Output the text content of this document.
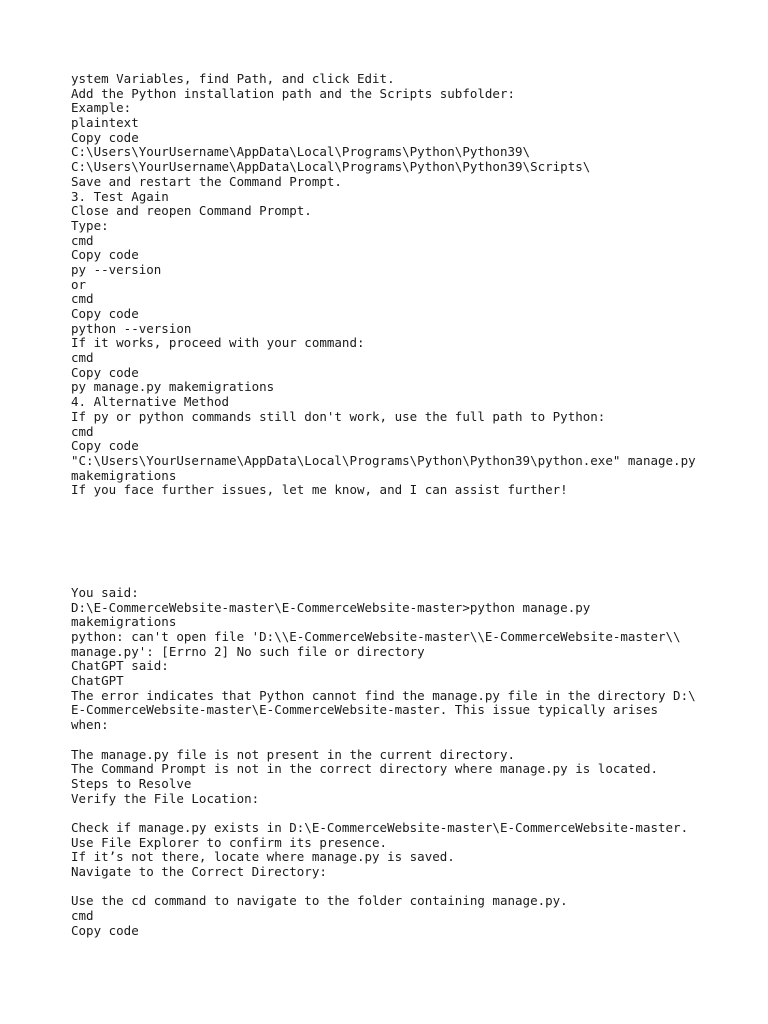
ystem Variables, find Path, and click Edit.
Add the Python installation path and the Scripts subfolder:
Example:
plaintext
Copy code
C:\Users\YourUsername\AppData\Local\Programs\Python\Python39\
C:\Users\YourUsername\AppData\Local\Programs\Python\Python39\Scripts\
Save and restart the Command Prompt.
3. Test Again
Close and reopen Command Prompt.
Type:
cmd
Copy code
py --version
or
cmd
Copy code
python --version
If it works, proceed with your command:
cmd
Copy code
py manage.py makemigrations
4. Alternative Method
If py or python commands still don't work, use the full path to Python:
cmd
Copy code
"C:\Users\YourUsername\AppData\Local\Programs\Python\Python39\python.exe" manage.py
makemigrations
If you face further issues, let me know, and I can assist further!
You said:
D:\E-CommerceWebsite-master\E-CommerceWebsite-master>python manage.py
makemigrations
python: can't open file 'D:\\E-CommerceWebsite-master\\E-CommerceWebsite-master\\
manage.py': [Errno 2] No such file or directory
ChatGPT said:
ChatGPT
The error indicates that Python cannot find the manage.py file in the directory D:\
E-CommerceWebsite-master\E-CommerceWebsite-master. This issue typically arises
when:
The manage.py file is not present in the current directory.
The Command Prompt is not in the correct directory where manage.py is located.
Steps to Resolve
Verify the File Location:
Check if manage.py exists in D:\E-CommerceWebsite-master\E-CommerceWebsite-master.
Use File Explorer to confirm its presence.
If it’s not there, locate where manage.py is saved.
Navigate to the Correct Directory:
Use the cd command to navigate to the folder containing manage.py.
cmd
Copy code
